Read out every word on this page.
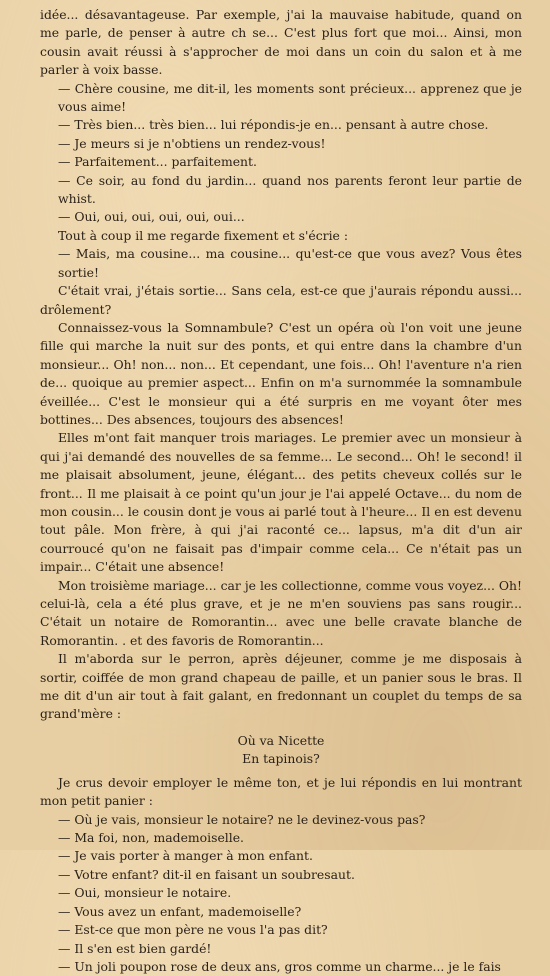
idée... désavantageuse. Par exemple, j'ai la mauvaise habitude, quand on me parle, de penser à autre ch se... C'est plus fort que moi... Ainsi, mon cousin avait réussi à s'approcher de moi dans un coin du salon et à me parler à voix basse.

— Chère cousine, me dit-il, les moments sont précieux... apprenez que je vous aime!

— Très bien... très bien... lui répondis-je en... pensant à autre chose.

— Je meurs si je n'obtiens un rendez-vous!

— Parfaitement... parfaitement.

— Ce soir, au fond du jardin... quand nos parents feront leur partie de whist.

— Oui, oui, oui, oui, oui, oui...

Tout à coup il me regarde fixement et s'écrie :

— Mais, ma cousine... ma cousine... qu'est-ce que vous avez? Vous êtes sortie!

C'était vrai, j'étais sortie... Sans cela, est-ce que j'aurais répondu aussi... drôlement?

Connaissez-vous la Somnambule? C'est un opéra où l'on voit une jeune fille qui marche la nuit sur des ponts, et qui entre dans la chambre d'un monsieur... Oh! non... non... Et cependant, une fois... Oh! l'aventure n'a rien de... quoique au premier aspect... Enfin on m'a surnommée la somnambule éveillée... C'est le monsieur qui a été surpris en me voyant ôter mes bottines... Des absences, toujours des absences!

Elles m'ont fait manquer trois mariages. Le premier avec un monsieur à qui j'ai demandé des nouvelles de sa femme... Le second... Oh! le second! il me plaisait absolument, jeune, élégant... des petits cheveux collés sur le front... Il me plaisait à ce point qu'un jour je l'ai appelé Octave... du nom de mon cousin... le cousin dont je vous ai parlé tout à l'heure... Il en est devenu tout pâle. Mon frère, à qui j'ai raconté ce... lapsus, m'a dit d'un air courroucé qu'on ne faisait pas d'impair comme cela... Ce n'était pas un impair... C'était une absence!

Mon troisième mariage... car je les collectionne, comme vous voyez... Oh! celui-là, cela a été plus grave, et je ne m'en souviens pas sans rougir... C'était un notaire de Romorantin... avec une belle cravate blanche de Romorantin. . et des favoris de Romorantin...

Il m'aborda sur le perron, après déjeuner, comme je me disposais à sortir, coiffée de mon grand chapeau de paille, et un panier sous le bras. Il me dit d'un air tout à fait galant, en fredonnant un couplet du temps de sa grand'mère :

Où va Nicette

En tapinois?

Je crus devoir employer le même ton, et je lui répondis en lui montrant mon petit panier :

— Où je vais, monsieur le notaire? ne le devinez-vous pas?

— Ma foi, non, mademoiselle.

— Je vais porter à manger à mon enfant.

— Votre enfant? dit-il en faisant un soubresaut.

— Oui, monsieur le notaire.

— Vous avez un enfant, mademoiselle?

— Est-ce que mon père ne vous l'a pas dit?

— Il s'en est bien gardé!

— Un joli poupon rose de deux ans, gros comme un charme... je le fais
